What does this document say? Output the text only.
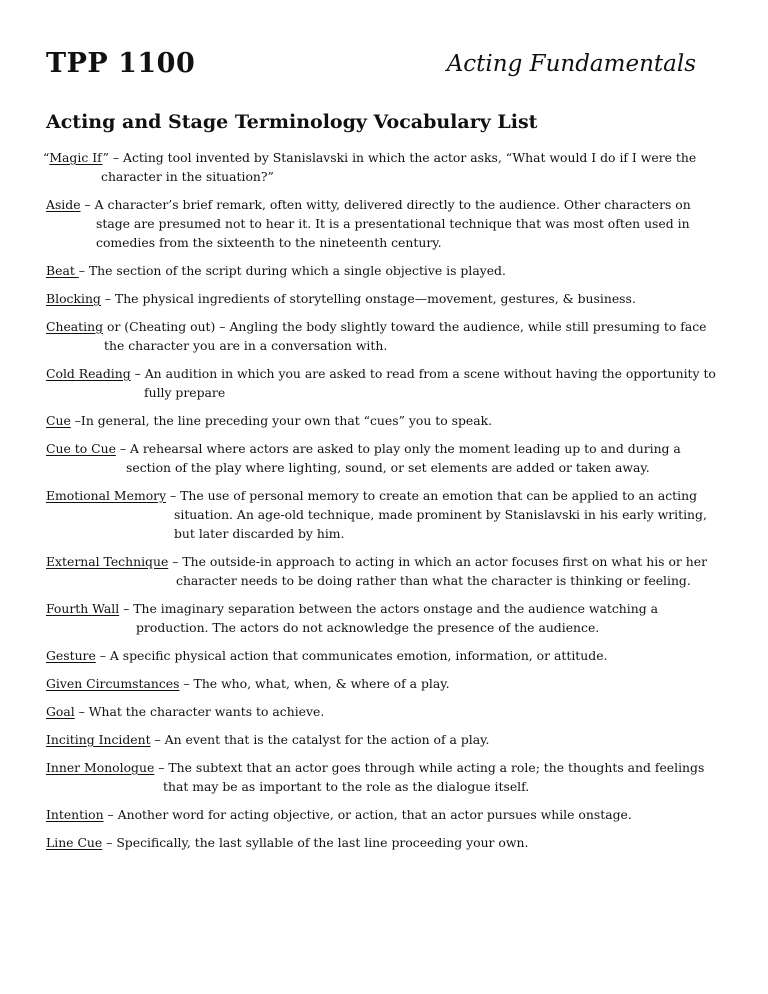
TPP 1100	Acting Fundamentals
Acting and Stage Terminology Vocabulary List

“Magic If” – Acting tool invented by Stanislavski in which the actor asks, “What would I do if I were the character in the situation?”

Aside – A character’s brief remark, often witty, delivered directly to the audience. Other characters on stage are presumed not to hear it. It is a presentational technique that was most often used in comedies from the sixteenth to the nineteenth century.

Beat – The section of the script during which a single objective is played.

Blocking – The physical ingredients of storytelling onstage—movement, gestures, & business.

Cheating or (Cheating out) – Angling the body slightly toward the audience, while still presuming to face the character you are in a conversation with.

Cold Reading – An audition in which you are asked to read from a scene without having the opportunity to fully prepare

Cue –In general, the line preceding your own that “cues” you to speak.

Cue to Cue – A rehearsal where actors are asked to play only the moment leading up to and during a section of the play where lighting, sound, or set elements are added or taken away.

Emotional Memory – The use of personal memory to create an emotion that can be applied to an acting situation. An age-old technique, made prominent by Stanislavski in his early writing, but later discarded by him.

External Technique – The outside-in approach to acting in which an actor focuses first on what his or her character needs to be doing rather than what the character is thinking or feeling.

Fourth Wall – The imaginary separation between the actors onstage and the audience watching a production. The actors do not acknowledge the presence of the audience.

Gesture – A specific physical action that communicates emotion, information, or attitude.

Given Circumstances – The who, what, when, & where of a play.

Goal – What the character wants to achieve.

Inciting Incident – An event that is the catalyst for the action of a play.

Inner Monologue – The subtext that an actor goes through while acting a role; the thoughts and feelings that may be as important to the role as the dialogue itself.

Intention – Another word for acting objective, or action, that an actor pursues while onstage.

Line Cue – Specifically, the last syllable of the last line proceeding your own.
